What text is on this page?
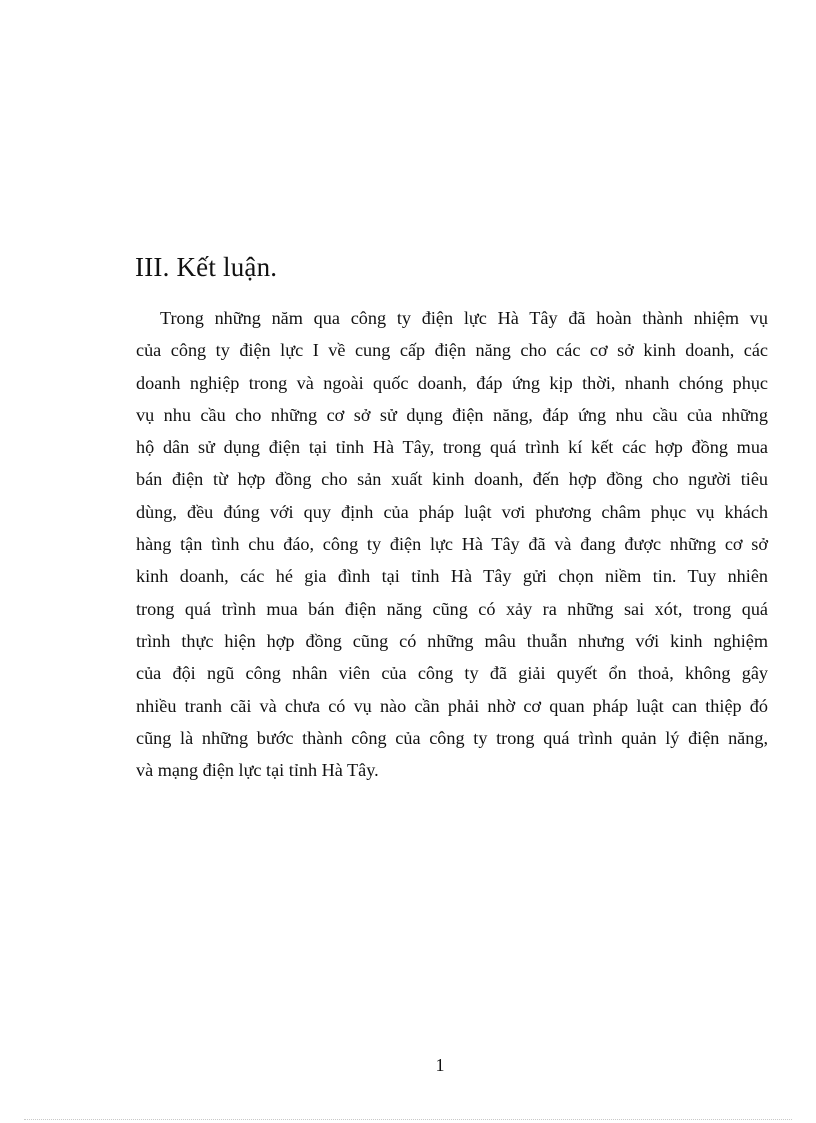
III. Kết luận.
Trong những năm qua công ty điện lực Hà Tây đã hoàn thành nhiệm vụ
của công ty điện lực I về cung cấp điện năng cho các cơ sở kinh doanh, các
doanh nghiệp trong và ngoài quốc doanh, đáp ứng kịp thời, nhanh chóng phục
vụ nhu cầu cho những cơ sở sử dụng điện năng, đáp ứng nhu cầu của những
hộ dân sử dụng điện tại tỉnh Hà Tây, trong quá trình kí kết các hợp đồng mua
bán điện từ hợp đồng cho sản xuất kinh doanh, đến hợp đồng cho người tiêu
dùng, đều đúng với quy định của pháp luật vơi phương châm phục vụ khách
hàng tận tình chu đáo, công ty điện lực Hà Tây đã và đang được những cơ sở
kinh doanh, các hé gia đình tại tỉnh Hà Tây gửi chọn niềm tin. Tuy nhiên
trong quá trình mua bán điện năng cũng có xảy ra những sai xót, trong quá
trình thực hiện hợp đồng cũng có những mâu thuẫn nhưng với kinh nghiệm
của đội ngũ công nhân viên của công ty đã giải quyết ổn thoả, không gây
nhiều tranh cãi và chưa có vụ nào cần phải nhờ cơ quan pháp luật can thiệp đó
cũng là những bước thành công của công ty trong quá trình quản lý điện năng,
và mạng điện lực tại tỉnh Hà Tây.
1
